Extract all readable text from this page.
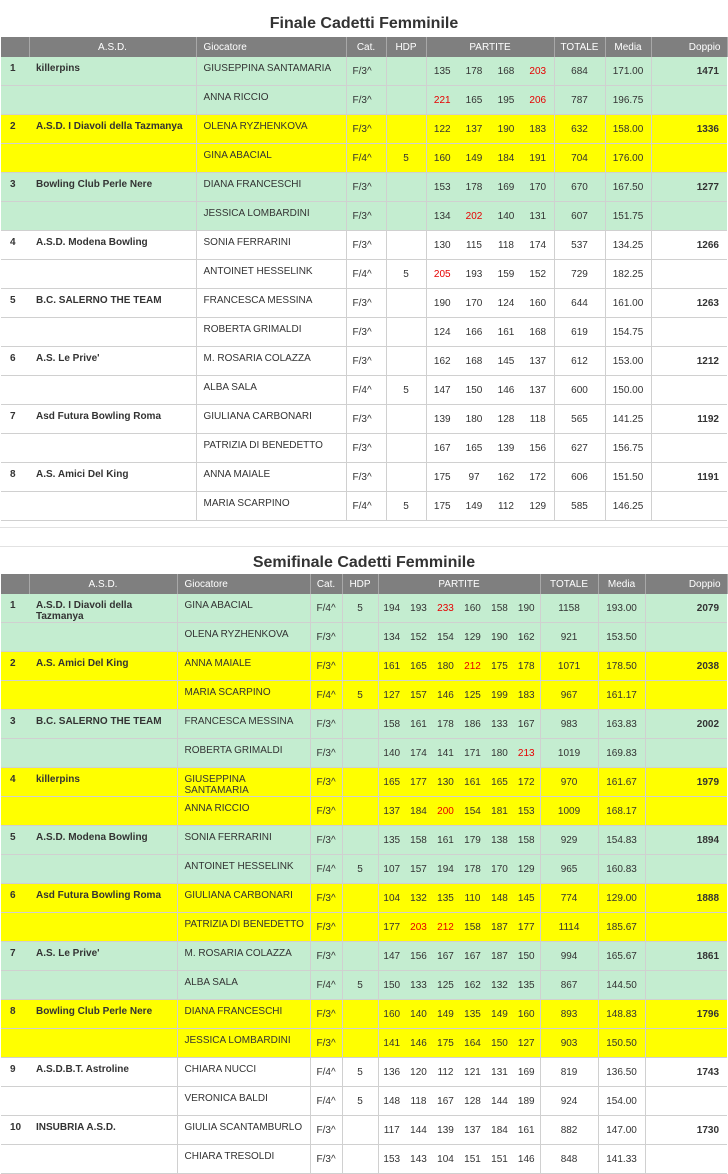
Finale Cadetti Femminile
	A.S.D.	Giocatore	Cat.	HDP	PARTITE				TOTALE	Media	Doppio
1	killerpins	GIUSEPPINA SANTAMARIA	F/3^		135	178	168	203	684	171.00	1471
		ANNA RICCIO	F/3^		221	165	195	206	787	196.75	
2	A.S.D. I Diavoli della Tazmanya	OLENA RYZHENKOVA	F/3^		122	137	190	183	632	158.00	1336
		GINA ABACIAL	F/4^	5	160	149	184	191	704	176.00	
3	Bowling Club Perle Nere	DIANA FRANCESCHI	F/3^		153	178	169	170	670	167.50	1277
		JESSICA LOMBARDINI	F/3^		134	202	140	131	607	151.75	
4	A.S.D. Modena Bowling	SONIA FERRARINI	F/3^		130	115	118	174	537	134.25	1266
		ANTOINET HESSELINK	F/4^	5	205	193	159	152	729	182.25	
5	B.C. SALERNO THE TEAM	FRANCESCA MESSINA	F/3^		190	170	124	160	644	161.00	1263
		ROBERTA GRIMALDI	F/3^		124	166	161	168	619	154.75	
6	A.S. Le Prive'	M. ROSARIA COLAZZA	F/3^		162	168	145	137	612	153.00	1212
		ALBA SALA	F/4^	5	147	150	146	137	600	150.00	
7	Asd Futura Bowling Roma	GIULIANA CARBONARI	F/3^		139	180	128	118	565	141.25	1192
		PATRIZIA DI BENEDETTO	F/3^		167	165	139	156	627	156.75	
8	A.S. Amici Del King	ANNA MAIALE	F/3^		175	97	162	172	606	151.50	1191
		MARIA SCARPINO	F/4^	5	175	149	112	129	585	146.25	
Semifinale Cadetti Femminile
	A.S.D.	Giocatore	Cat.	HDP	PARTITE						TOTALE	Media	Doppio
1	A.S.D. I Diavoli della Tazmanya	GINA ABACIAL	F/4^	5	194	193	233	160	158	190	1158	193.00	2079
		OLENA RYZHENKOVA	F/3^		134	152	154	129	190	162	921	153.50	
2	A.S. Amici Del King	ANNA MAIALE	F/3^		161	165	180	212	175	178	1071	178.50	2038
		MARIA SCARPINO	F/4^	5	127	157	146	125	199	183	967	161.17	
3	B.C. SALERNO THE TEAM	FRANCESCA MESSINA	F/3^		158	161	178	186	133	167	983	163.83	2002
		ROBERTA GRIMALDI	F/3^		140	174	141	171	180	213	1019	169.83	
4	killerpins	GIUSEPPINA SANTAMARIA	F/3^		165	177	130	161	165	172	970	161.67	1979
		ANNA RICCIO	F/3^		137	184	200	154	181	153	1009	168.17	
5	A.S.D. Modena Bowling	SONIA FERRARINI	F/3^		135	158	161	179	138	158	929	154.83	1894
		ANTOINET HESSELINK	F/4^	5	107	157	194	178	170	129	965	160.83	
6	Asd Futura Bowling Roma	GIULIANA CARBONARI	F/3^		104	132	135	110	148	145	774	129.00	1888
		PATRIZIA DI BENEDETTO	F/3^		177	203	212	158	187	177	1114	185.67	
7	A.S. Le Prive'	M. ROSARIA COLAZZA	F/3^		147	156	167	167	187	150	994	165.67	1861
		ALBA SALA	F/4^	5	150	133	125	162	132	135	867	144.50	
8	Bowling Club Perle Nere	DIANA FRANCESCHI	F/3^		160	140	149	135	149	160	893	148.83	1796
		JESSICA LOMBARDINI	F/3^		141	146	175	164	150	127	903	150.50	
9	A.S.D.B.T. Astroline	CHIARA NUCCI	F/4^	5	136	120	112	121	131	169	819	136.50	1743
		VERONICA BALDI	F/4^	5	148	118	167	128	144	189	924	154.00	
10	INSUBRIA A.S.D.	GIULIA SCANTAMBURLO	F/3^		117	144	139	137	184	161	882	147.00	1730
		CHIARA TRESOLDI	F/3^		153	143	104	151	151	146	848	141.33	
